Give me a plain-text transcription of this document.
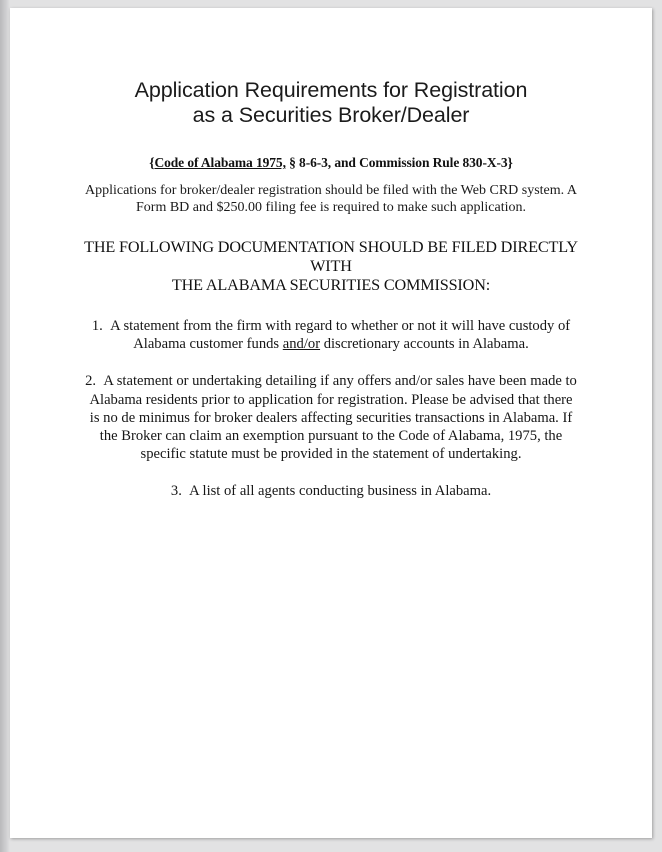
Application Requirements for Registration
as a Securities Broker/Dealer

{Code of Alabama 1975, § 8-6-3, and Commission Rule 830-X-3}

Applications for broker/dealer registration should be filed with the Web CRD system. A Form BD and $250.00 filing fee is required to make such application.

THE FOLLOWING DOCUMENTATION SHOULD BE FILED DIRECTLY WITH
THE ALABAMA SECURITIES COMMISSION:
1. A statement from the firm with regard to whether or not it will have custody of Alabama customer funds and/or discretionary accounts in Alabama.
2. A statement or undertaking detailing if any offers and/or sales have been made to Alabama residents prior to application for registration. Please be advised that there is no de minimus for broker dealers affecting securities transactions in Alabama. If the Broker can claim an exemption pursuant to the Code of Alabama, 1975, the specific statute must be provided in the statement of undertaking.
3. A list of all agents conducting business in Alabama.
